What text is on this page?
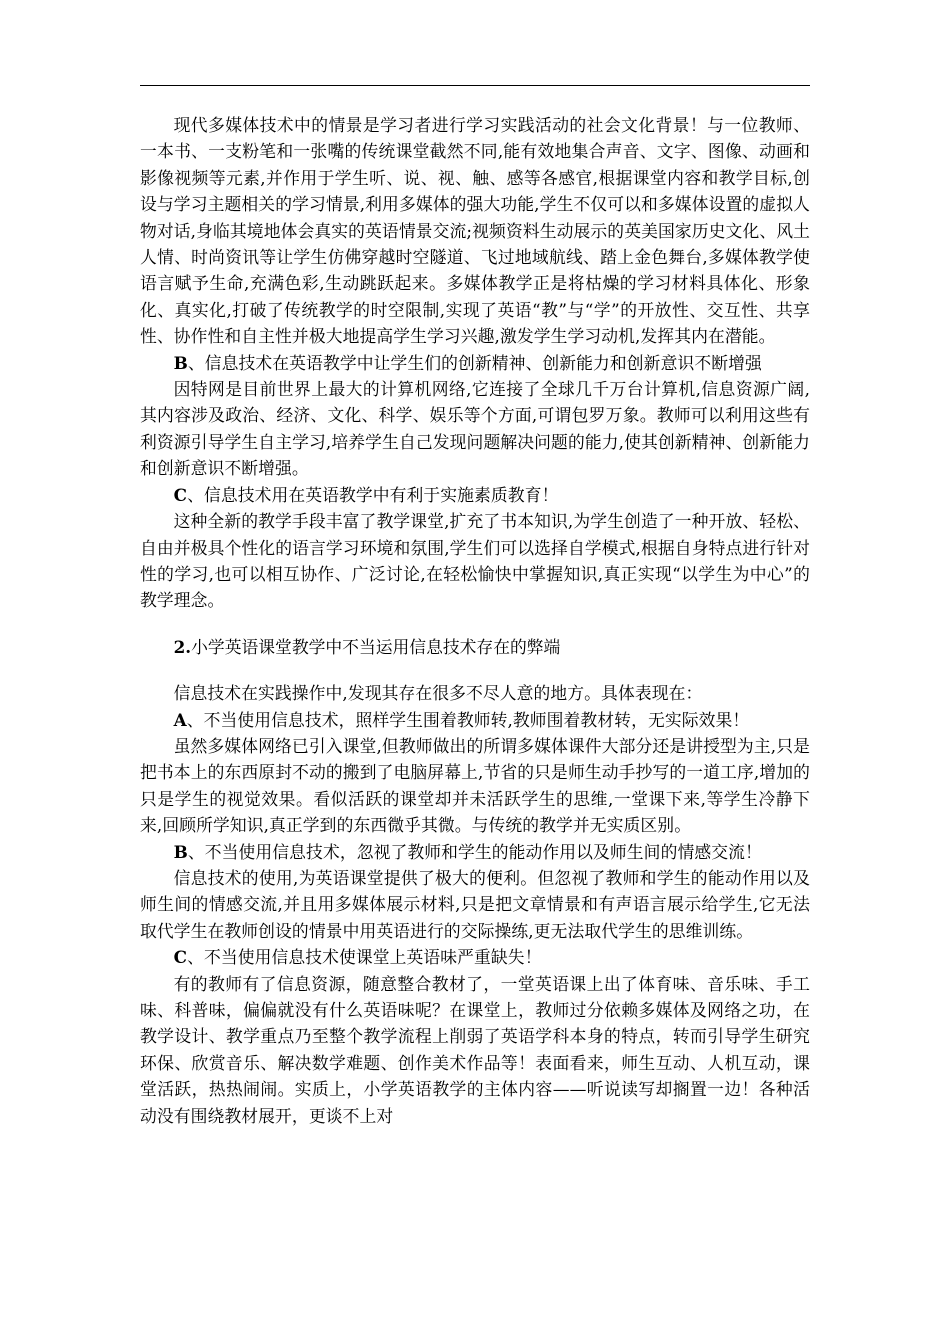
现代多媒体技术中的情景是学习者进行学习实践活动的社会文化背景！与一位教师、一本书、一支粉笔和一张嘴的传统课堂截然不同,能有效地集合声音、文字、图像、动画和影像视频等元素,并作用于学生听、说、视、触、感等各感官,根据课堂内容和教学目标,创设与学习主题相关的学习情景,利用多媒体的强大功能,学生不仅可以和多媒体设置的虚拟人物对话,身临其境地体会真实的英语情景交流;视频资料生动展示的英美国家历史文化、风土人情、时尚资讯等让学生仿佛穿越时空隧道、飞过地域航线、踏上金色舞台,多媒体教学使语言赋予生命,充满色彩,生动跳跃起来。多媒体教学正是将枯燥的学习材料具体化、形象化、真实化,打破了传统教学的时空限制,实现了英语“教”与“学”的开放性、交互性、共享性、协作性和自主性并极大地提高学生学习兴趣,激发学生学习动机,发挥其内在潜能。

B、信息技术在英语教学中让学生们的创新精神、创新能力和创新意识不断增强

因特网是目前世界上最大的计算机网络,它连接了全球几千万台计算机,信息资源广阔,其内容涉及政治、经济、文化、科学、娱乐等个方面,可谓包罗万象。教师可以利用这些有利资源引导学生自主学习,培养学生自己发现问题解决问题的能力,使其创新精神、创新能力和创新意识不断增强。

C、信息技术用在英语教学中有利于实施素质教育！

这种全新的教学手段丰富了教学课堂,扩充了书本知识,为学生创造了一种开放、轻松、自由并极具个性化的语言学习环境和氛围,学生们可以选择自学模式,根据自身特点进行针对性的学习,也可以相互协作、广泛讨论,在轻松愉快中掌握知识,真正实现“以学生为中心”的教学理念。

2.小学英语课堂教学中不当运用信息技术存在的弊端

信息技术在实践操作中,发现其存在很多不尽人意的地方。具体表现在：

A、不当使用信息技术，照样学生围着教师转,教师围着教材转，无实际效果！

虽然多媒体网络已引入课堂,但教师做出的所谓多媒体课件大部分还是讲授型为主,只是把书本上的东西原封不动的搬到了电脑屏幕上,节省的只是师生动手抄写的一道工序,增加的只是学生的视觉效果。看似活跃的课堂却并未活跃学生的思维,一堂课下来,等学生冷静下来,回顾所学知识,真正学到的东西微乎其微。与传统的教学并无实质区别。

B、不当使用信息技术，忽视了教师和学生的能动作用以及师生间的情感交流！

信息技术的使用,为英语课堂提供了极大的便利。但忽视了教师和学生的能动作用以及师生间的情感交流,并且用多媒体展示材料,只是把文章情景和有声语言展示给学生,它无法取代学生在教师创设的情景中用英语进行的交际操练,更无法取代学生的思维训练。

C、不当使用信息技术使课堂上英语味严重缺失！

有的教师有了信息资源，随意整合教材了，一堂英语课上出了体育味、音乐味、手工味、科普味，偏偏就没有什么英语味呢？在课堂上，教师过分依赖多媒体及网络之功，在教学设计、教学重点乃至整个教学流程上削弱了英语学科本身的特点，转而引导学生研究环保、欣赏音乐、解决数学难题、创作美术作品等！表面看来，师生互动、人机互动，课堂活跃，热热闹闹。实质上，小学英语教学的主体内容——听说读写却搁置一边！各种活动没有围绕教材展开，更谈不上对
